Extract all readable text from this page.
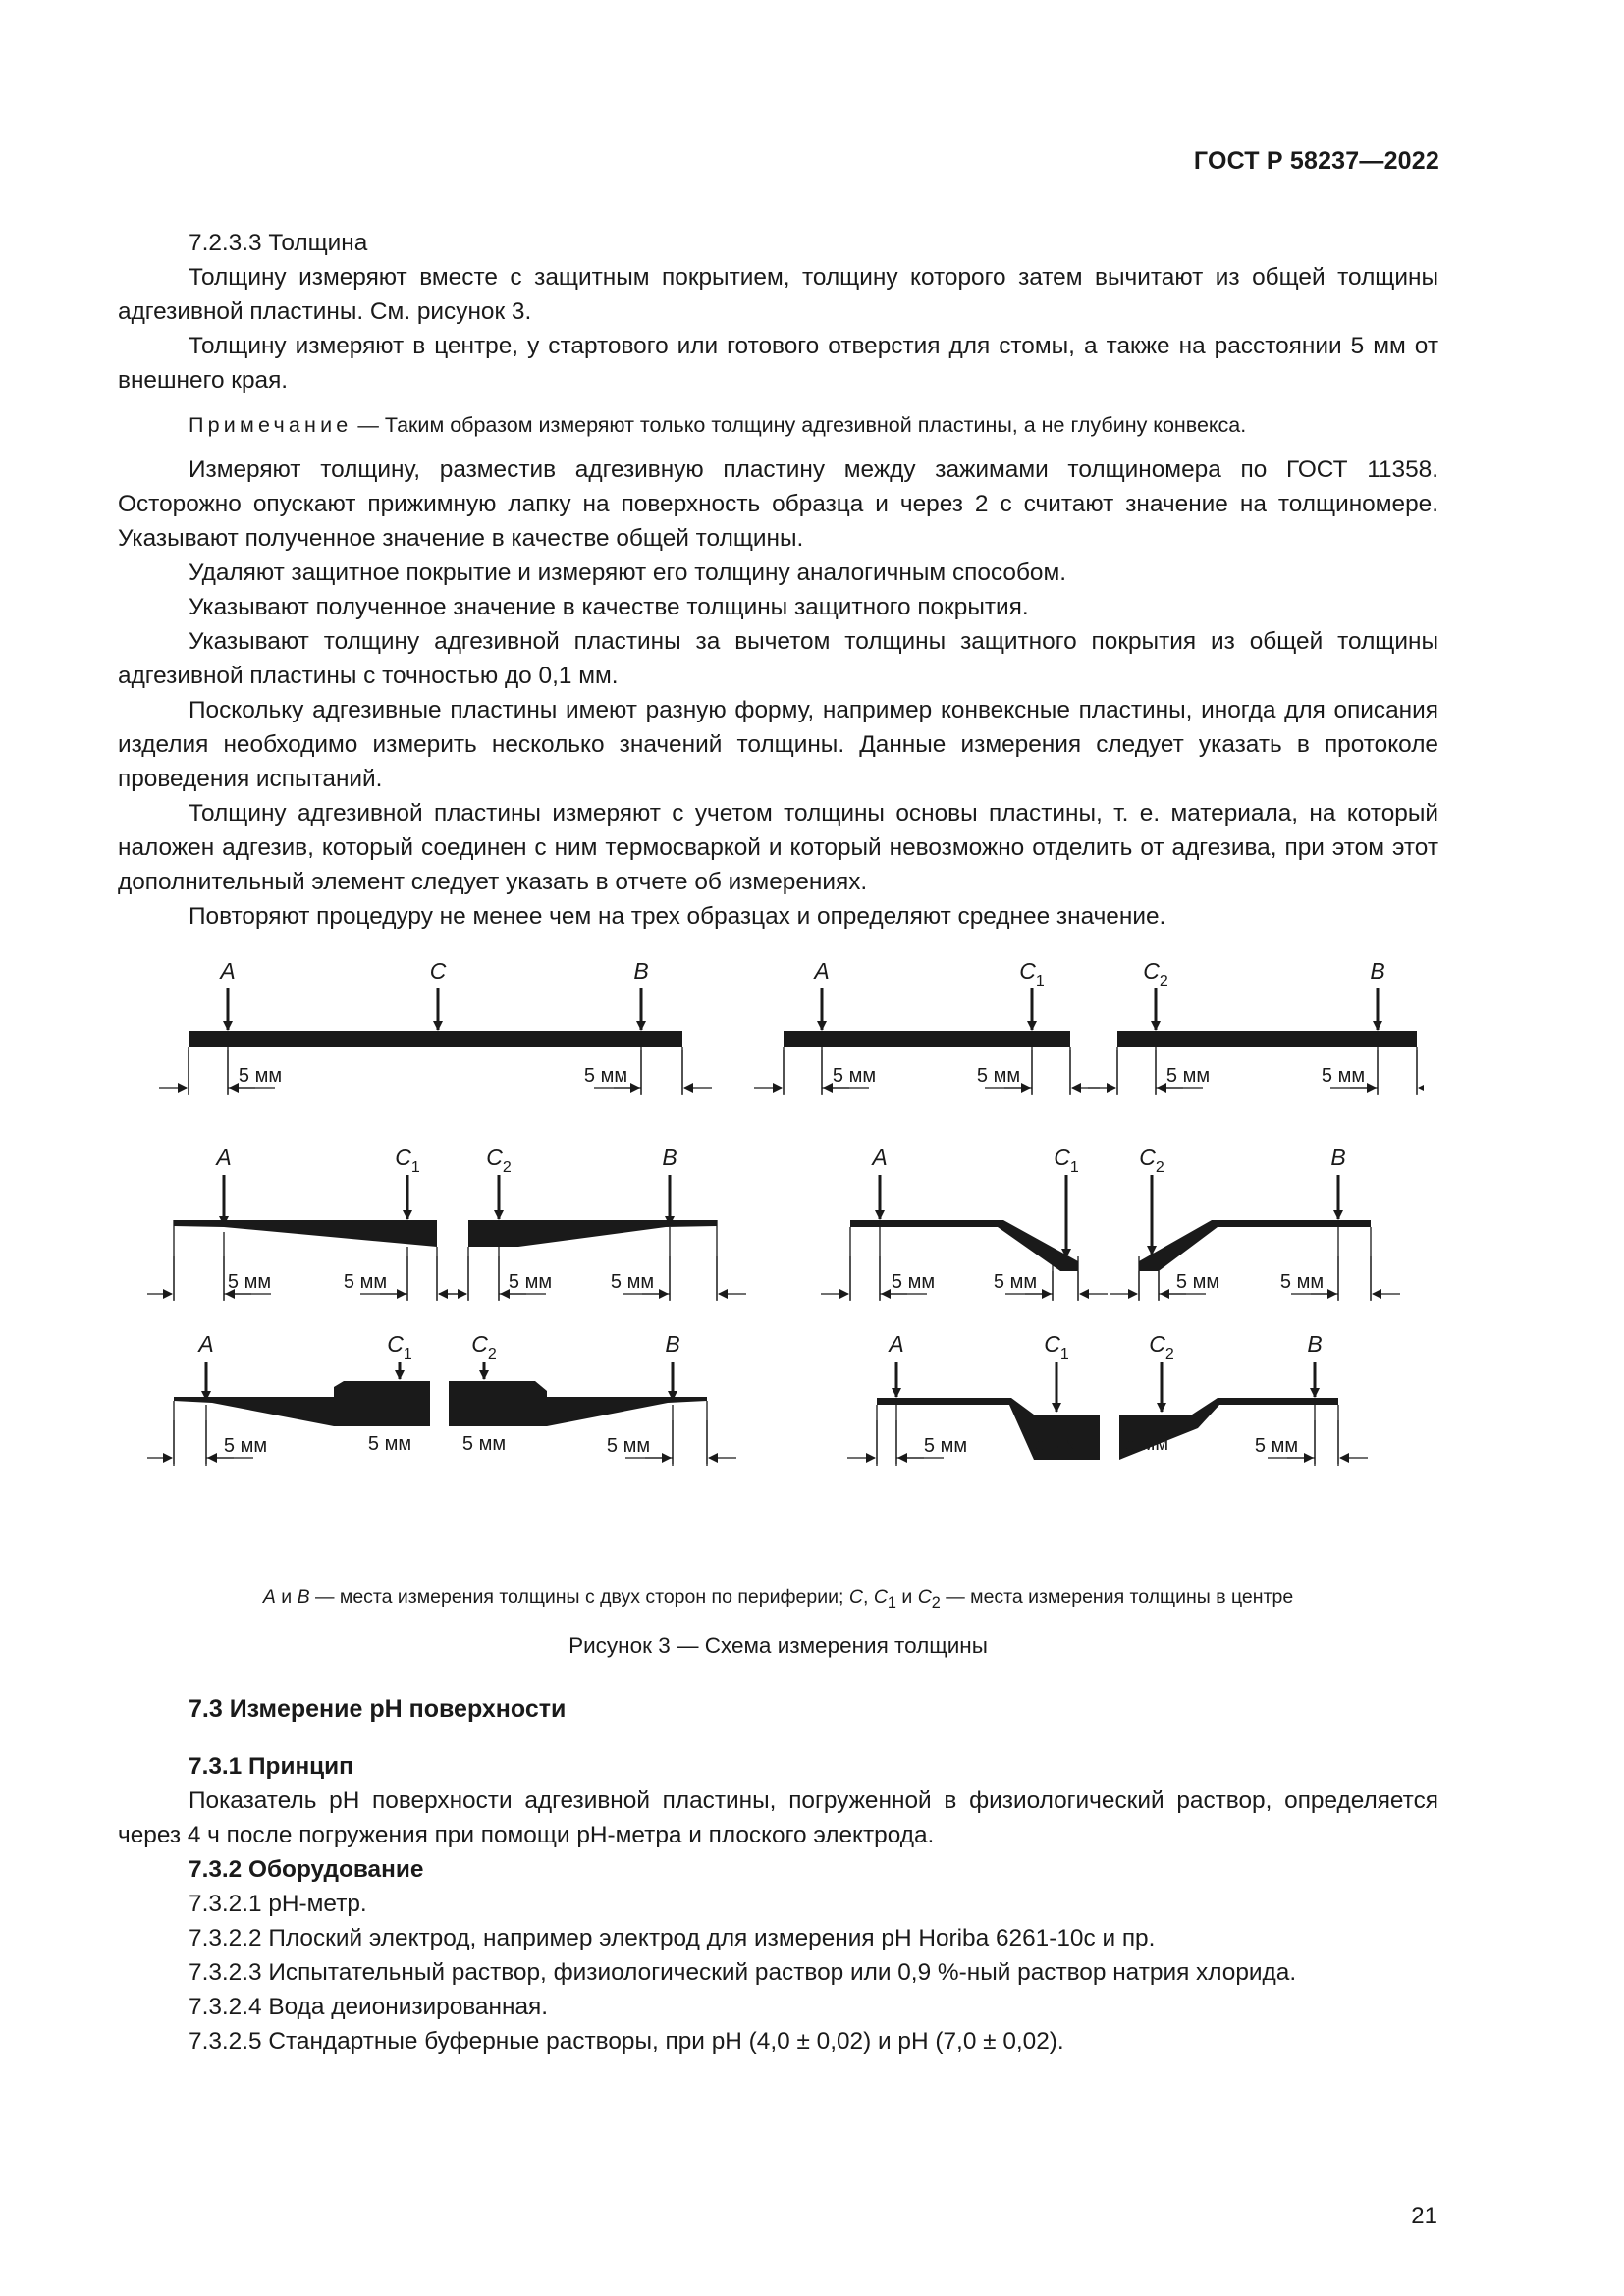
ГОСТ Р 58237—2022

7.2.3.3 Толщина

Толщину измеряют вместе с защитным покрытием, толщину которого затем вычитают из общей толщины адгезивной пластины. См. рисунок 3.

Толщину измеряют в центре, у стартового или готового отверстия для стомы, а также на расстоянии 5 мм от внешнего края.

Примечание — Таким образом измеряют только толщину адгезивной пластины, а не глубину конвекса.

Измеряют толщину, разместив адгезивную пластину между зажимами толщиномера по ГОСТ 11358. Осторожно опускают прижимную лапку на поверхность образца и через 2 с считают значение на толщиномере. Указывают полученное значение в качестве общей толщины.

Удаляют защитное покрытие и измеряют его толщину аналогичным способом.

Указывают полученное значение в качестве толщины защитного покрытия.

Указывают толщину адгезивной пластины за вычетом толщины защитного покрытия из общей толщины адгезивной пластины с точностью до 0,1 мм.

Поскольку адгезивные пластины имеют разную форму, например конвексные пластины, иногда для описания изделия необходимо измерить несколько значений толщины. Данные измерения следует указать в протоколе проведения испытаний.

Толщину адгезивной пластины измеряют с учетом толщины основы пластины, т. е. материала, на который наложен адгезив, который соединен с ним термосваркой и который невозможно отделить от адгезива, при этом этот дополнительный элемент следует указать в отчете об измерениях.

Повторяют процедуру не менее чем на трех образцах и определяют среднее значение.

A	C	B
5 мм	5 мм
A	$C_1$
5 мм	5 мм
$C_2$	B
5 мм	5 мм
A	$C_1$	$C_2$	B
5 мм	5 мм	5 мм	5 мм
A	$C_1$
5 мм	5 мм
$C_2$	B
5 мм	5 мм
A	$C_1$	$C_2$	B
5 мм	5 мм	5 мм	5 мм
A	$C_1$
5 мм	5 мм
$C_2$	B
5 мм	5 мм
A и B — места измерения толщины с двух сторон по периферии; C, $C_1$ и $C_2$ — места измерения толщины в центре
Рисунок 3 — Схема измерения толщины

7.3 Измерение pH поверхности

7.3.1 Принцип

Показатель pH поверхности адгезивной пластины, погруженной в физиологический раствор, определяется через 4 ч после погружения при помощи pH-метра и плоского электрода.

7.3.2 Оборудование

7.3.2.1 pH-метр.

7.3.2.2 Плоский электрод, например электрод для измерения pH Horiba 6261-10c и пр.

7.3.2.3 Испытательный раствор, физиологический раствор или 0,9 %-ный раствор натрия хлорида.

7.3.2.4 Вода деионизированная.

7.3.2.5 Стандартные буферные растворы, при pH (4,0 ± 0,02) и pH (7,0 ± 0,02).

21
